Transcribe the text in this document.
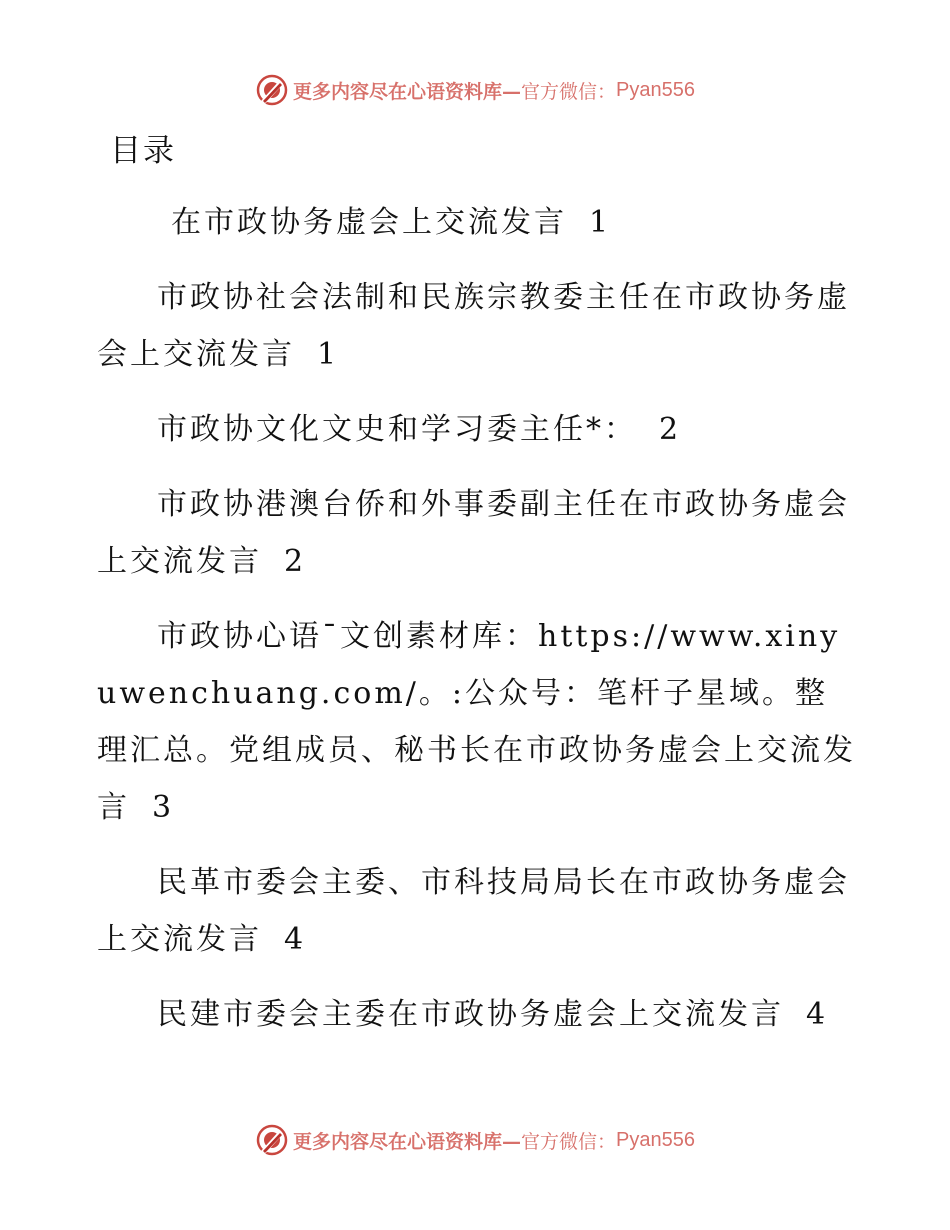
更多内容尽在心语资料库— 官方微信： Pyan556
目录
在市政协务虚会上交流发言 1
市政协社会法制和民族宗教委主任在市政协务虚会上交流发言 1
市政协文化文史和学习委主任*： 2
市政协港澳台侨和外事委副主任在市政协务虚会上交流发言 2
市政协心语¯文创素材库：https://www.xinyuwenchuang.com/。:公众号：笔杆子星域。整理汇总。党组成员、秘书长在市政协务虚会上交流发言 3
民革市委会主委、市科技局局长在市政协务虚会上交流发言 4
民建市委会主委在市政协务虚会上交流发言 4
更多内容尽在心语资料库— 官方微信： Pyan556
